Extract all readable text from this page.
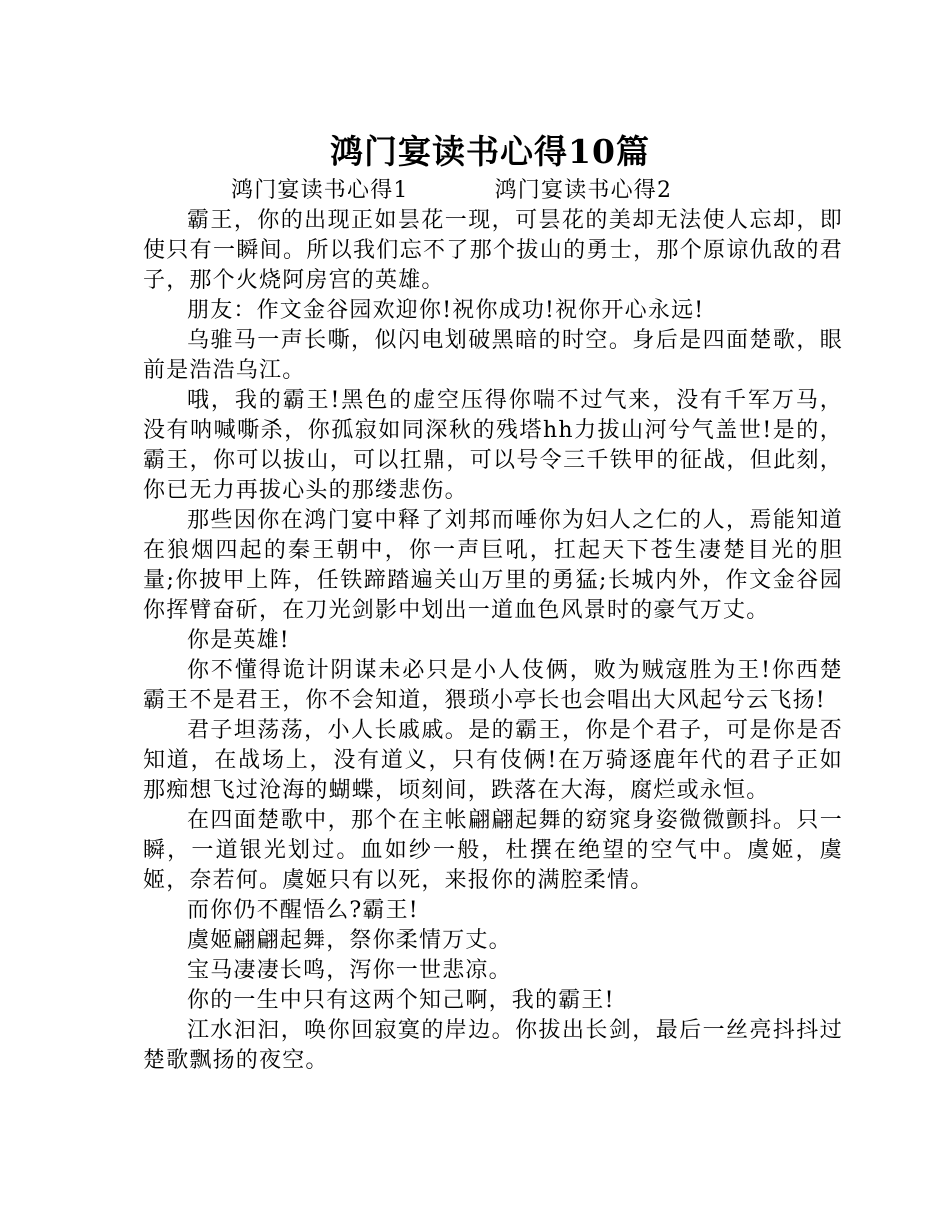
鸿门宴读书心得10篇

鸿门宴读书心得1	鸿门宴读书心得2

霸王，你的出现正如昙花一现，可昙花的美却无法使人忘却，即使只有一瞬间。所以我们忘不了那个拔山的勇士，那个原谅仇敌的君子，那个火烧阿房宫的英雄。

朋友：作文金谷园欢迎你!祝你成功!祝你开心永远!

乌骓马一声长嘶，似闪电划破黑暗的时空。身后是四面楚歌，眼前是浩浩乌江。

哦，我的霸王!黑色的虚空压得你喘不过气来，没有千军万马，没有呐喊嘶杀，你孤寂如同深秋的残塔hh力拔山河兮气盖世!是的，霸王，你可以拔山，可以扛鼎，可以号令三千铁甲的征战，但此刻，你已无力再拔心头的那缕悲伤。

那些因你在鸿门宴中释了刘邦而唾你为妇人之仁的人，焉能知道在狼烟四起的秦王朝中，你一声巨吼，扛起天下苍生凄楚目光的胆量;你披甲上阵，任铁蹄踏遍关山万里的勇猛;长城内外，作文金谷园你挥臂奋斫，在刀光剑影中划出一道血色风景时的豪气万丈。

你是英雄!

你不懂得诡计阴谋未必只是小人伎俩，败为贼寇胜为王!你西楚霸王不是君王，你不会知道，猥琐小亭长也会唱出大风起兮云飞扬!

君子坦荡荡，小人长戚戚。是的霸王，你是个君子，可是你是否知道，在战场上，没有道义，只有伎俩!在万骑逐鹿年代的君子正如那痴想飞过沧海的蝴蝶，顷刻间，跌落在大海，腐烂或永恒。

在四面楚歌中，那个在主帐翩翩起舞的窈窕身姿微微颤抖。只一瞬，一道银光划过。血如纱一般，杜撰在绝望的空气中。虞姬，虞姬，奈若何。虞姬只有以死，来报你的满腔柔情。

而你仍不醒悟么?霸王!

虞姬翩翩起舞，祭你柔情万丈。

宝马凄凄长鸣，泻你一世悲凉。

你的一生中只有这两个知己啊，我的霸王!

江水汩汩，唤你回寂寞的岸边。你拔出长剑，最后一丝亮抖抖过楚歌飘扬的夜空。
